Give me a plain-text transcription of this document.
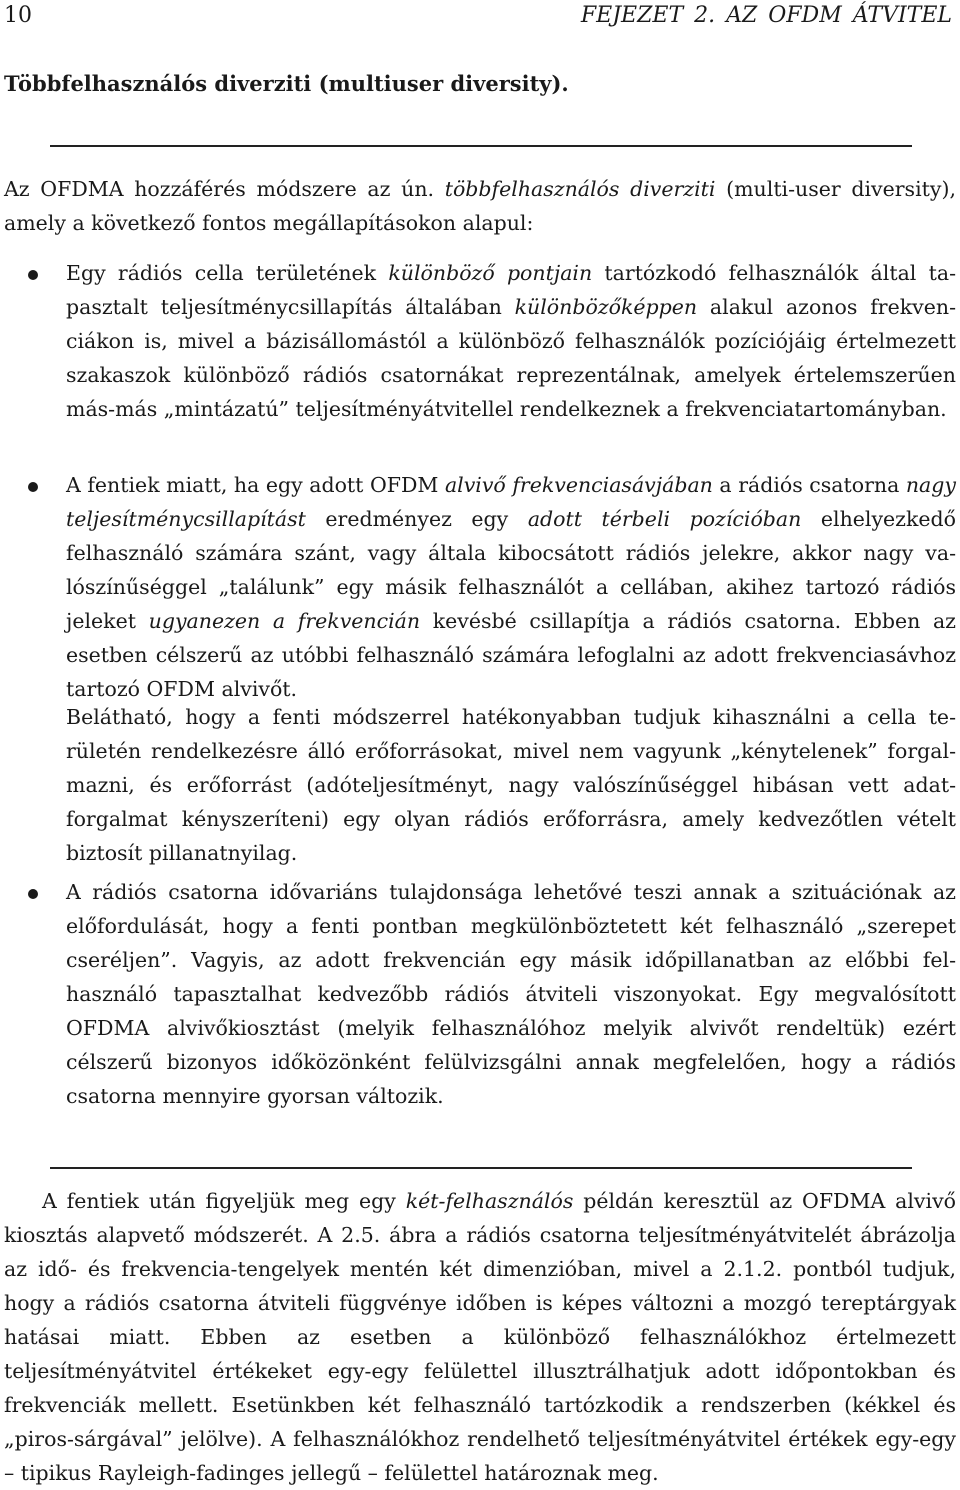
10	FEJEZET 2. AZ OFDM ÁTVITEL
Többfelhasználós diverziti (multiuser diversity).

Az OFDMA hozzáférés módszere az ún. többfelhasználós diverziti (multi-user diversity), amely a következő fontos megállapításokon alapul:

Egy rádiós cella területének különböző pontjain tartózkodó felhasználók által tapasztalt teljesítménycsillapítás általában különbözőképpen alakul azonos frekvenciákon is, mivel a bázisállomástól a különböző felhasználók pozíciójáig értelmezett szakaszok különböző rádiós csatornákat reprezentálnak, amelyek értelemszerűen más-más „mintázatú” teljesítményátvitellel rendelkeznek a frekvenciatartományban.

A fentiek miatt, ha egy adott OFDM alvivő frekvenciasávjában a rádiós csatorna nagy teljesítménycsillapítást eredményez egy adott térbeli pozícióban elhelyezkedő felhasználó számára szánt, vagy általa kibocsátott rádiós jelekre, akkor nagy valószínűséggel „találunk” egy másik felhasználót a cellában, akihez tartozó rádiós jeleket ugyanezen a frekvencián kevésbé csillapítja a rádiós csatorna. Ebben az esetben célszerű az utóbbi felhasználó számára lefoglalni az adott frekvenciasávhoz tartozó OFDM alvivőt.

Belátható, hogy a fenti módszerrel hatékonyabban tudjuk kihasználni a cella területén rendelkezésre álló erőforrásokat, mivel nem vagyunk „kénytelenek” forgalmazni, és erőforrást (adóteljesítményt, nagy valószínűséggel hibásan vett adatforgalmat kényszeríteni) egy olyan rádiós erőforrásra, amely kedvezőtlen vételt biztosít pillanatnyilag.

A rádiós csatorna idővariáns tulajdonsága lehetővé teszi annak a szituációnak az előfordulását, hogy a fenti pontban megkülönböztetett két felhasználó „szerepet cseréljen”. Vagyis, az adott frekvencián egy másik időpillanatban az előbbi felhasználó tapasztalhat kedvezőbb rádiós átviteli viszonyokat. Egy megvalósított OFDMA alvivőkiosztást (melyik felhasználóhoz melyik alvivőt rendeltük) ezért célszerű bizonyos időközönként felülvizsgálni annak megfelelően, hogy a rádiós csatorna mennyire gyorsan változik.

A fentiek után figyeljük meg egy két-felhasználós példán keresztül az OFDMA alvivő kiosztás alapvető módszerét. A 2.5. ábra a rádiós csatorna teljesítményátvitelét ábrázolja az idő- és frekvencia-tengelyek mentén két dimenzióban, mivel a 2.1.2. pontból tudjuk, hogy a rádiós csatorna átviteli függvénye időben is képes változni a mozgó tereptárgyak hatásai miatt. Ebben az esetben a különböző felhasználókhoz értelmezett teljesítményátvitel értékeket egy-egy felülettel illusztrálhatjuk adott időpontokban és frekvenciák mellett. Esetünkben két felhasználó tartózkodik a rendszerben (kékkel és „piros-sárgával” jelölve). A felhasználókhoz rendelhető teljesítményátvitel értékek egy-egy – tipikus Rayleigh-fadinges jellegű – felülettel határoznak meg.
